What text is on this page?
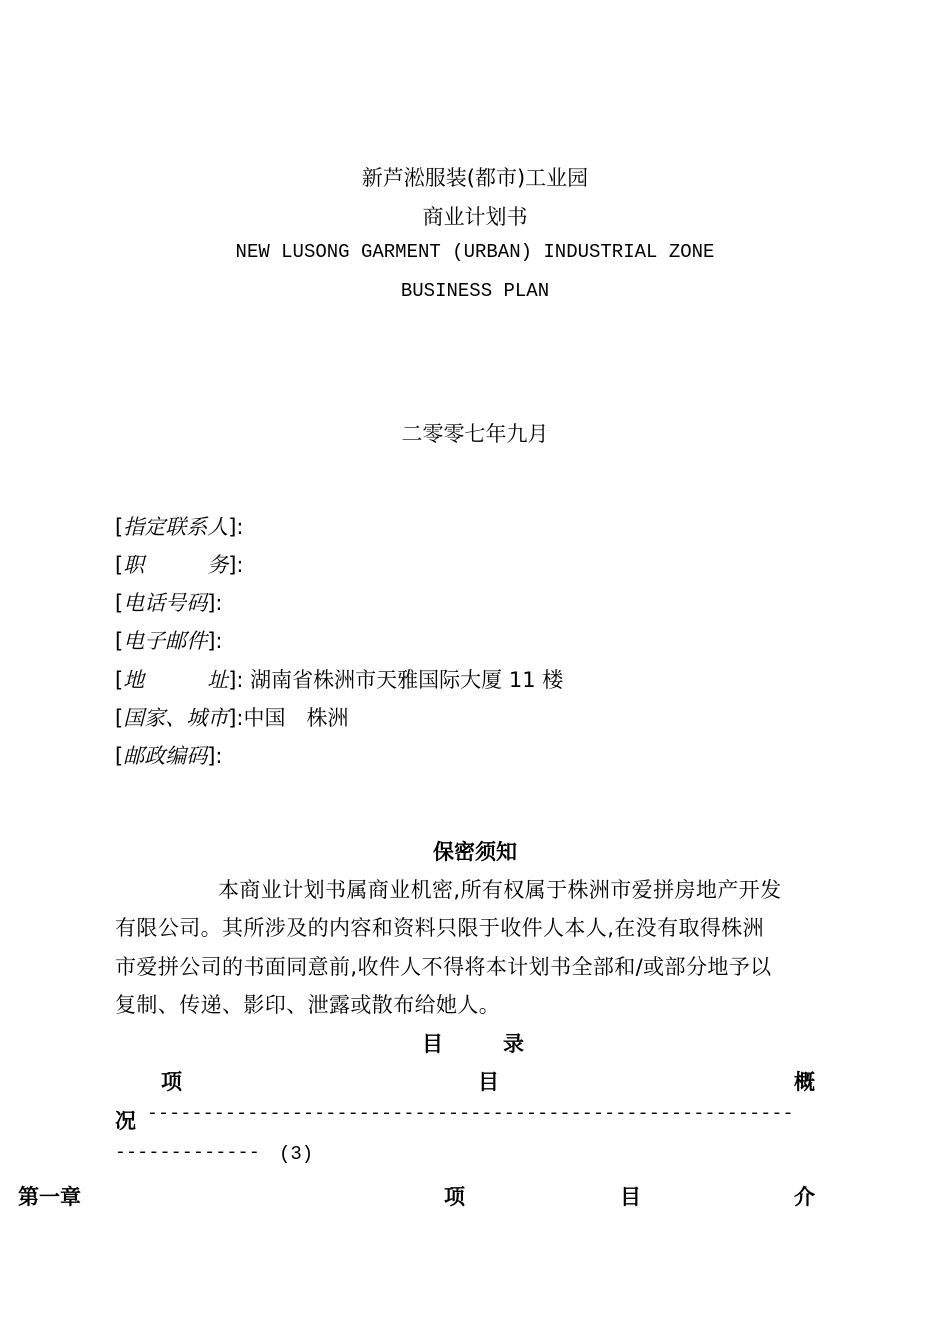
新芦淞服装(都市)工业园
商业计划书
NEW LUSONG GARMENT (URBAN) INDUSTRIAL ZONE
BUSINESS PLAN
二零零七年九月
[指定联系人]:
[职　　　务]:
[电话号码]:
[电子邮件]:
[地　　　址]: 湖南省株洲市天雅国际大厦 11 楼
[国家、城市]:中国　株洲
[邮政编码]:
保密须知
本商业计划书属商业机密,所有权属于株洲市爱拼房地产开发
有限公司。其所涉及的内容和资料只限于收件人本人,在没有取得株洲
市爱拼公司的书面同意前,收件人不得将本计划书全部和/或部分地予以
复制、传递、影印、泄露或散布给她人。
目	录
项	目	概
况 ----------------------------------------------------------
------------- (3)
第一章	项	目	介
